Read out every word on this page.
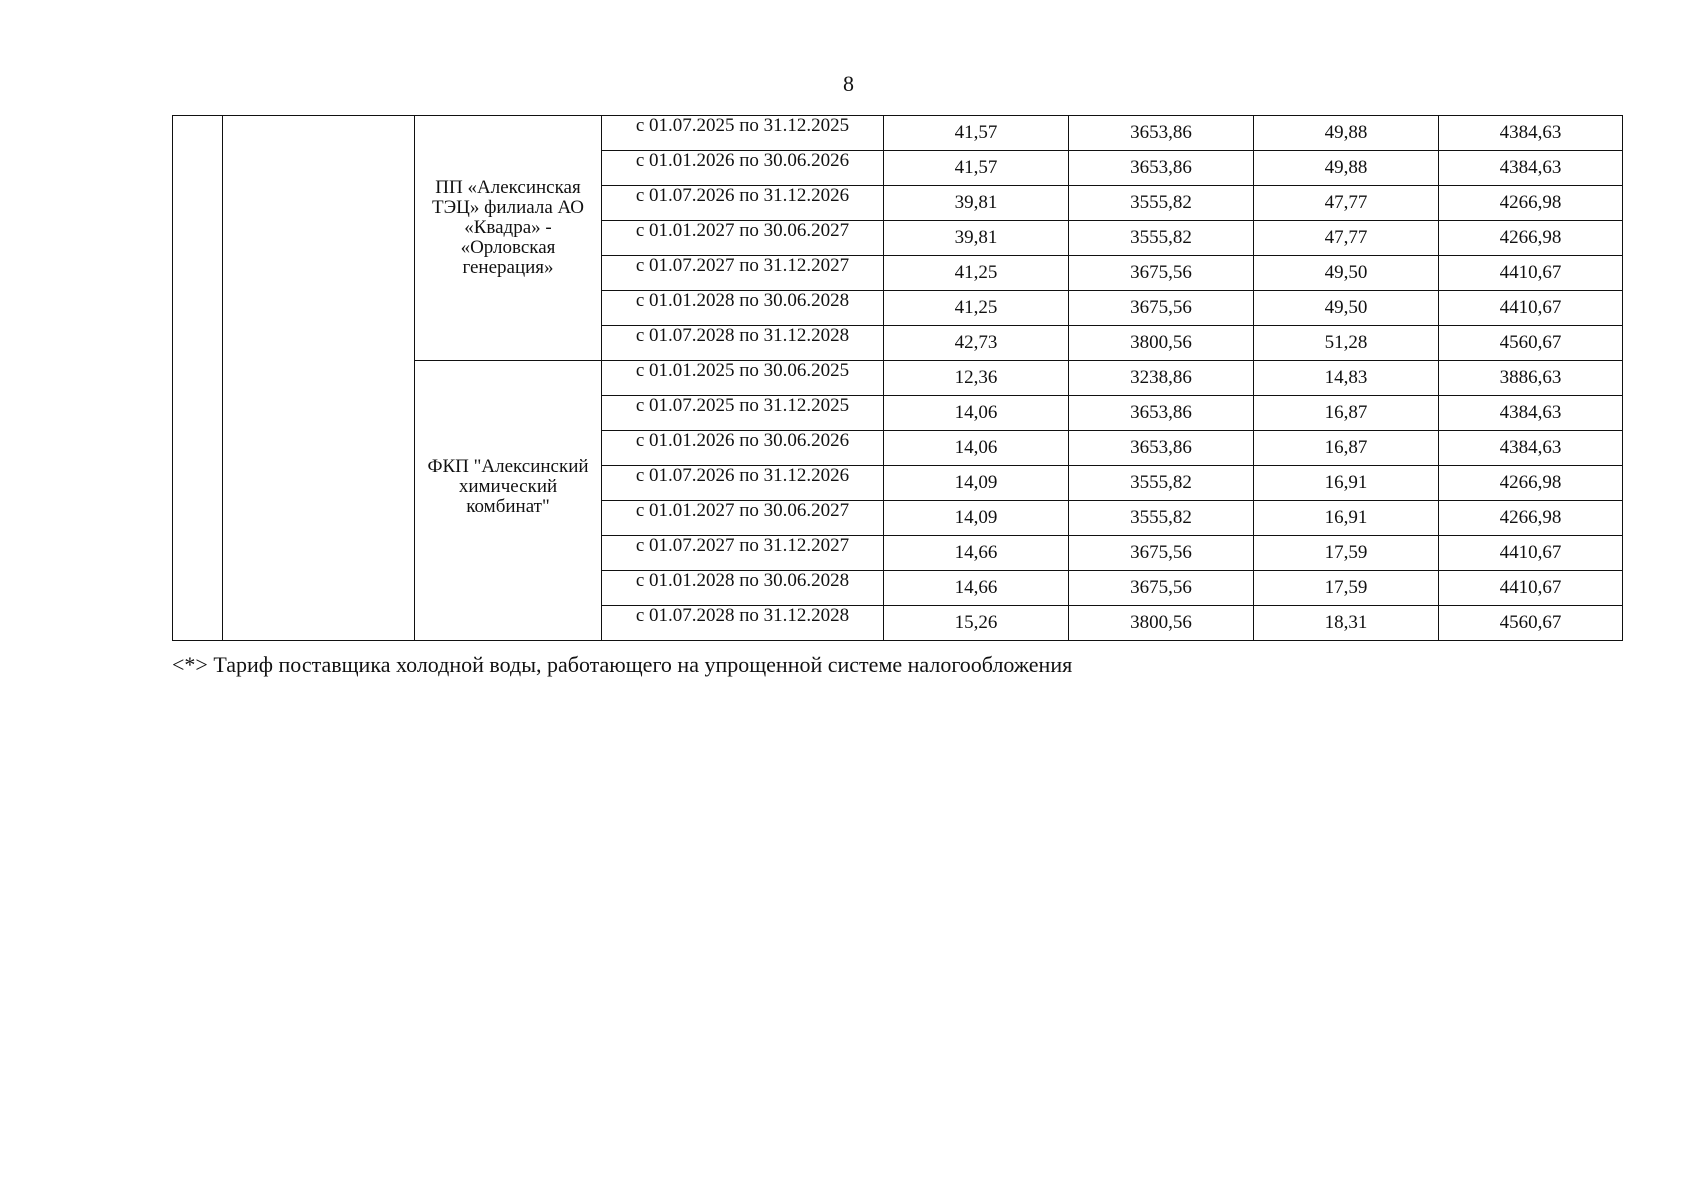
8
		ПП «Алексинская ТЭЦ» филиала АО «Квадра» - «Орловская генерация»	с 01.07.2025 по 31.12.2025	41,57	3653,86	49,88	4384,63
			с 01.01.2026 по 30.06.2026	41,57	3653,86	49,88	4384,63
			с 01.07.2026 по 31.12.2026	39,81	3555,82	47,77	4266,98
			с 01.01.2027 по 30.06.2027	39,81	3555,82	47,77	4266,98
			с 01.07.2027 по 31.12.2027	41,25	3675,56	49,50	4410,67
			с 01.01.2028 по 30.06.2028	41,25	3675,56	49,50	4410,67
			с 01.07.2028 по 31.12.2028	42,73	3800,56	51,28	4560,67
		ФКП "Алексинский химический комбинат"	с 01.01.2025 по 30.06.2025	12,36	3238,86	14,83	3886,63
			с 01.07.2025 по 31.12.2025	14,06	3653,86	16,87	4384,63
			с 01.01.2026 по 30.06.2026	14,06	3653,86	16,87	4384,63
			с 01.07.2026 по 31.12.2026	14,09	3555,82	16,91	4266,98
			с 01.01.2027 по 30.06.2027	14,09	3555,82	16,91	4266,98
			с 01.07.2027 по 31.12.2027	14,66	3675,56	17,59	4410,67
			с 01.01.2028 по 30.06.2028	14,66	3675,56	17,59	4410,67
			с 01.07.2028 по 31.12.2028	15,26	3800,56	18,31	4560,67
<*> Тариф поставщика холодной воды, работающего на упрощенной системе налогообложения
